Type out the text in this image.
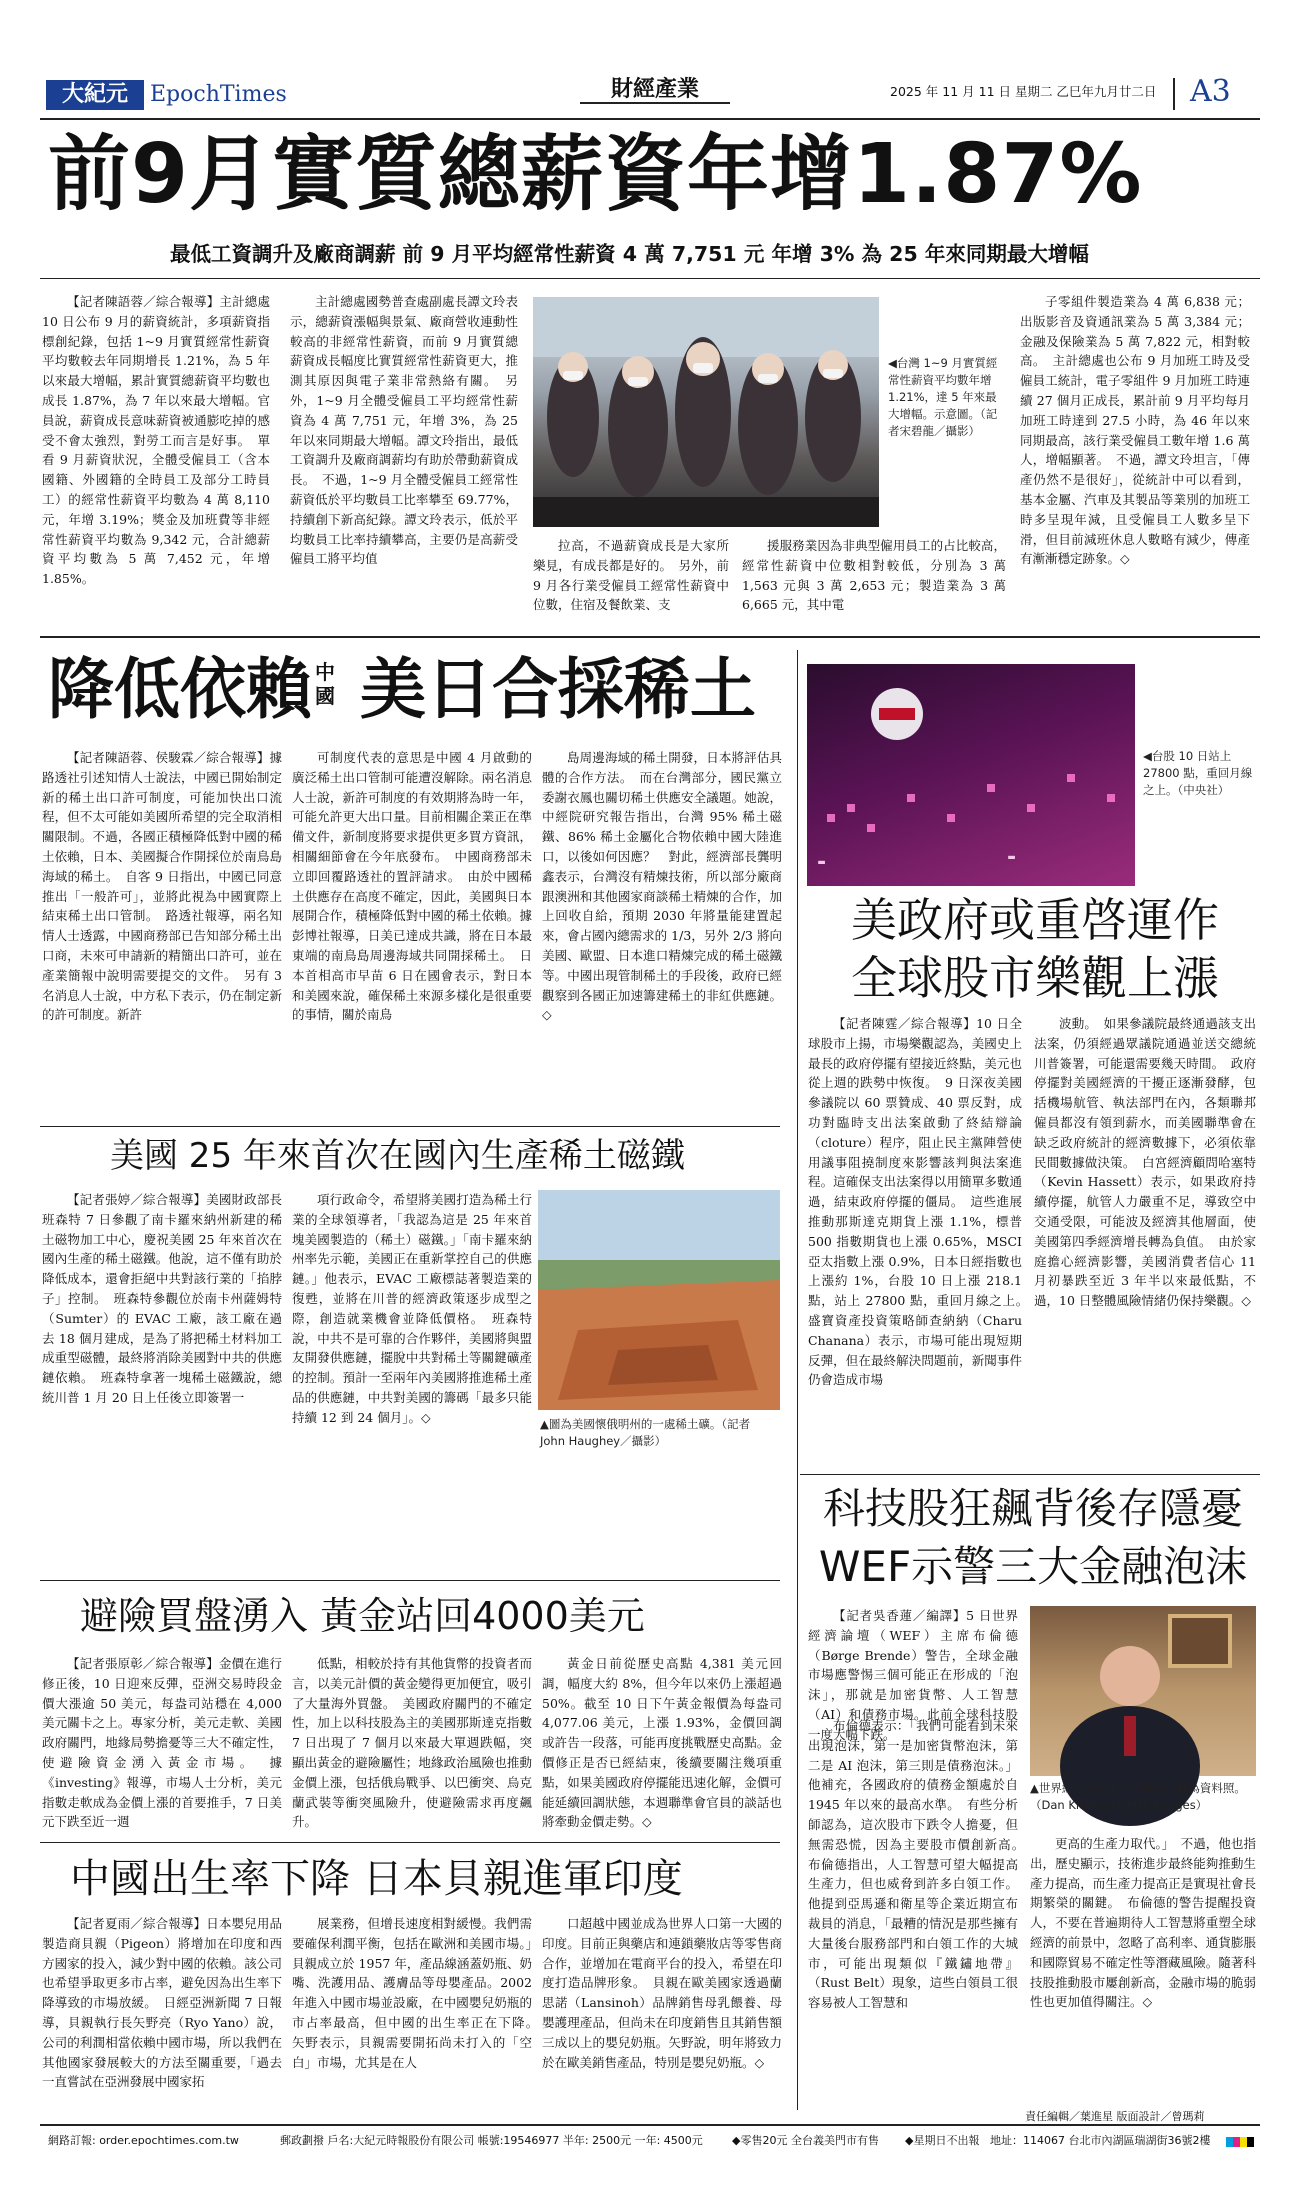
大紀元	EpochTimes	財經產業	2025 年 11 月 11 日 星期二 乙巳年九月廿二日 A3
前9月實質總薪資年增1.87%
最低工資調升及廠商調薪 前 9 月平均經常性薪資 4 萬 7,751 元 年增 3% 為 25 年來同期最大增幅

【記者陳語蓉／綜合報導】主計總處 10 日公布 9 月的薪資統計，多項薪資指標創紀錄，包括 1~9 月實質經常性薪資平均數較去年同期增長 1.21%，為 5 年以來最大增幅，累計實質總薪資平均數也成長 1.87%，為 7 年以來最大增幅。官員說，薪資成長意味薪資被通膨吃掉的感受不會太強烈，對勞工而言是好事。　單看 9 月薪資狀況，全體受僱員工（含本國籍、外國籍的全時員工及部分工時員工）的經常性薪資平均數為 4 萬 8,110 元，年增 3.19%；獎金及加班費等非經常性薪資平均數為 9,342 元，合計總薪資平均數為 5 萬 7,452 元，年增 1.85%。

主計總處國勢普查處副處長譚文玲表示，總薪資漲幅與景氣、廠商營收連動性較高的非經常性薪資，而前 9 月實質總薪資成長幅度比實質經常性薪資更大，推測其原因與電子業非常熱絡有關。　另外，1~9 月全體受僱員工平均經常性薪資為 4 萬 7,751 元，年增 3%，為 25 年以來同期最大增幅。譚文玲指出，最低工資調升及廠商調薪均有助於帶動薪資成長。　不過，1~9 月全體受僱員工經常性薪資低於平均數員工比率攀至 69.77%，持續創下新高紀錄。譚文玲表示，低於平均數員工比率持續攀高，主要仍是高薪受僱員工將平均值

◀台灣 1~9 月實質經常性薪資平均數年增 1.21%，達 5 年來最大增幅。示意圖。（記者宋碧龍／攝影）

拉高，不過薪資成長是大家所樂見，有成長都是好的。　另外，前 9 月各行業受僱員工經常性薪資中位數，住宿及餐飲業、支

援服務業因為非典型僱用員工的占比較高，經常性薪資中位數相對較低，分別為 3 萬 1,563 元與 3 萬 2,653 元；製造業為 3 萬 6,665 元，其中電

子零組件製造業為 4 萬 6,838 元；出版影音及資通訊業為 5 萬 3,384 元；金融及保險業為 5 萬 7,822 元，相對較高。　主計總處也公布 9 月加班工時及受僱員工統計，電子零組件 9 月加班工時連續 27 個月正成長，累計前 9 月平均每月加班工時達到 27.5 小時，為 46 年以來同期最高，該行業受僱員工數年增 1.6 萬人，增幅顯著。　不過，譚文玲坦言，「傳產仍然不是很好」，從統計中可以看到，基本金屬、汽車及其製品等業別的加班工時多呈現年減，且受僱員工人數多呈下滑，但目前減班休息人數略有減少，傳產有漸漸穩定跡象。◇

降低依賴 中國 美日合採稀土

【記者陳語蓉、侯駿霖／綜合報導】據路透社引述知情人士說法，中國已開始制定新的稀土出口許可制度，可能加快出口流程，但不太可能如美國所希望的完全取消相關限制。不過，各國正積極降低對中國的稀土依賴，日本、美國擬合作開採位於南鳥島海域的稀土。　自客 9 日指出，中國已同意推出「一般許可」，並將此視為中國實際上結束稀土出口管制。　路透社報導，兩名知情人士透露，中國商務部已告知部分稀土出口商，未來可申請新的精簡出口許可，並在產業簡報中說明需要提交的文件。　另有 3 名消息人士說，中方私下表示，仍在制定新的許可制度。新許

可制度代表的意思是中國 4 月啟動的廣泛稀土出口管制可能遭沒解除。兩名消息人士說，新許可制度的有效期將為時一年，可能允許更大出口量。目前相關企業正在準備文件，新制度將要求提供更多買方資訊，相關細節會在今年底發布。　中國商務部未立即回覆路透社的置評請求。　由於中國稀土供應存在高度不確定，因此，美國與日本展開合作，積極降低對中國的稀土依賴。據彭博社報導，日美已達成共識，將在日本最東端的南鳥島周邊海域共同開採稀土。　日本首相高市早苗 6 日在國會表示，對日本和美國來說，確保稀土來源多樣化是很重要的事情，關於南鳥

島周邊海域的稀土開發，日本將評估具體的合作方法。　而在台灣部分，國民黨立委謝衣鳳也關切稀土供應安全議題。她說，中經院研究報告指出，台灣 95% 稀土磁鐵、86% 稀土金屬化合物依賴中國大陸進口，以後如何因應？　對此，經濟部長龔明鑫表示，台灣沒有精煉技術，所以部分廠商跟澳洲和其他國家商談稀土精煉的合作，加上回收自給，預期 2030 年將量能建置起來，會占國內總需求的 1/3，另外 2/3 將向美國、歐盟、日本進口精煉完成的稀土磁鐵等。中國出現管制稀土的手段後，政府已經觀察到各國正加速籌建稀土的非紅供應鏈。◇

美國 25 年來首次在國內生產稀土磁鐵

【記者張婷／綜合報導】美國財政部長班森特 7 日參觀了南卡羅來納州新建的稀土磁物加工中心，慶祝美國 25 年來首次在國內生產的稀土磁鐵。他說，這不僅有助於降低成本，還會拒絕中共對該行業的「掐脖子」控制。　班森特參觀位於南卡州薩姆特（Sumter）的 EVAC 工廠，該工廠在過去 18 個月建成，是為了將把稀土材料加工成重型磁體，最終將消除美國對中共的供應鏈依賴。　班森特拿著一塊稀土磁鐵說，總統川普 1 月 20 日上任後立即簽署一

項行政命令，希望將美國打造為稀土行業的全球領導者，「我認為這是 25 年來首塊美國製造的（稀土）磁鐵。」「南卡羅來納州率先示範，美國正在重新掌控自己的供應鏈。」他表示，EVAC 工廠標誌著製造業的復甦，並將在川普的經濟政策逐步成型之際，創造就業機會並降低價格。　班森特說，中共不是可靠的合作夥伴，美國將與盟友開發供應鏈，擺脫中共對稀土等關鍵礦產的控制。預計一至兩年內美國將推進稀土產品的供應鏈，中共對美國的籌碼「最多只能持續 12 到 24 個月」。◇	▲圖為美國懷俄明州的一處稀土礦。（記者 John Haughey／攝影）
避險買盤湧入 黃金站回4000美元

【記者張原彰／綜合報導】金價在進行修正後，10 日迎來反彈，亞洲交易時段金價大漲逾 50 美元，每盎司站穩在 4,000 美元關卡之上。專家分析，美元走軟、美國政府關門，地緣局勢擔憂等三大不確定性，使避險資金湧入黃金市場。　據《investing》報導，市場人士分析，美元指數走軟成為金價上漲的首要推手，7 日美元下跌至近一週

低點，相較於持有其他貨幣的投資者而言，以美元計價的黃金變得更加便宜，吸引了大量海外買盤。　美國政府關門的不確定性，加上以科技股為主的美國那斯達克指數 7 日出現了 7 個月以來最大單週跌幅，突顯出黃金的避險屬性；地緣政治風險也推動金價上漲，包括俄烏戰爭、以巴衝突、烏克蘭武裝等衝突風險升，使避險需求再度飆升。

黃金日前從歷史高點 4,381 美元回調，幅度大約 8%，但今年以來仍上漲超過 50%。截至 10 日下午黃金報價為每盎司 4,077.06 美元，上漲 1.93%，金價回調或許告一段落，可能再度挑戰歷史高點。金價修正是否已經結束，後續要關注幾項重點，如果美國政府停擺能迅速化解，金價可能延續回調狀態，本週聯準會官員的談話也將牽動金價走勢。◇

中國出生率下降 日本貝親進軍印度

【記者夏雨／綜合報導】日本嬰兒用品製造商貝親（Pigeon）將增加在印度和西方國家的投入，減少對中國的依賴。該公司也希望爭取更多市占率，避免因為出生率下降導致的市場放緩。　日經亞洲新聞 7 日報導，貝親執行長矢野亮（Ryo Yano）說，公司的利潤相當依賴中國市場，所以我們在其他國家發展較大的方法至關重要，「過去一直嘗試在亞洲發展中國家拓

展業務，但增長速度相對緩慢。我們需要確保利潤平衡，包括在歐洲和美國市場。」　貝親成立於 1957 年，產品線涵蓋奶瓶、奶嘴、洗護用品、護膚品等母嬰產品。2002 年進入中國市場並設廠，在中國嬰兒奶瓶的市占率最高，但中國的出生率正在下降。　矢野表示，貝親需要開拓尚未打入的「空白」市場，尤其是在人

口超越中國並成為世界人口第一大國的印度。目前正與藥店和連鎖藥妝店等零售商合作，並增加在電商平台的投入，希望在印度打造品牌形象。　貝親在歐美國家透過蘭思諾（Lansinoh）品牌銷售母乳餵養、母嬰護理產品，但尚未在印度銷售且其銷售額三成以上的嬰兒奶瓶。矢野說，明年將致力於在歐美銷售產品，特別是嬰兒奶瓶。◇

-	-
◀台股 10 日站上 27800 點，重回月線之上。（中央社）
美政府或重啓運作
全球股市樂觀上漲

【記者陳霆／綜合報導】10 日全球股市上揚，市場樂觀認為，美國史上最長的政府停擺有望接近終點，美元也從上週的跌勢中恢復。　9 日深夜美國參議院以 60 票贊成、40 票反對，成功對臨時支出法案啟動了終結辯論（cloture）程序，阻止民主黨陣營使用議事阻撓制度來影響該判與法案進程。這確保支出法案得以用簡單多數通過，結束政府停擺的僵局。　這些進展推動那斯達克期貨上漲 1.1%，標普 500 指數期貨也上漲 0.65%，MSCI 亞太指數上漲 0.9%，日本日經指數也上漲約 1%，台股 10 日上漲 218.1 點，站上 27800 點，重回月線之上。　盛寶資產投資策略師查納納（Charu Chanana）表示，市場可能出現短期反彈，但在最終解決問題前，新聞事件仍會造成市場

波動。　如果參議院最終通過該支出法案，仍須經過眾議院通過並送交總統川普簽署，可能還需要幾天時間。　政府停擺對美國經濟的干擾正逐漸發酵，包括機場航管、執法部門在內，各類聯邦僱員都沒有領到薪水，而美國聯準會在缺乏政府統計的經濟數據下，必須依靠民間數據做決策。　白宮經濟顧問哈塞特（Kevin Hassett）表示，如果政府持續停擺，航管人力嚴重不足，導致空中交通受限，可能波及經濟其他層面，使美國第四季經濟增長轉為負值。　由於家庭擔心經濟影響，美國消費者信心 11 月初暴跌至近 3 年半以來最低點，不過，10 日整體風險情緒仍保持樂觀。◇

科技股狂飆背後存隱憂
WEF示警三大金融泡沫

【記者吳香蓮／編譯】5 日世界經濟論壇（WEF）主席布倫德（Børge Brende）警告，全球金融市場應警惕三個可能正在形成的「泡沫」，那就是加密貨幣、人工智慧（AI）和債務市場。此前全球科技股一度大幅下跌。

▲世界經濟論壇主席布倫德。圖為資料照。（Dan Kitwood/Getty Images）

布倫德表示：「我們可能看到未來出現泡沫，第一是加密貨幣泡沫，第二是 AI 泡沫，第三則是債務泡沫。」他補充，各國政府的債務金額處於自 1945 年以來的最高水準。　有些分析師認為，這次股市下跌令人擔憂，但無需恐慌，因為主要股市價創新高。　布倫德指出，人工智慧可望大幅提高生產力，但也威脅到許多白領工作。他提到亞馬遜和衛星等企業近期宣布裁員的消息，「最糟的情況是那些擁有大量後台服務部門和白領工作的大城市，可能出現類似『鐵鏽地帶』（Rust Belt）現象，這些白領員工很容易被人工智慧和

更高的生產力取代。」　不過，他也指出，歷史顯示，技術進步最終能夠推動生產力提高，而生產力提高正是實現社會長期繁榮的關鍵。　布倫德的警告提醒投資人，不要在普遍期待人工智慧將重塑全球經濟的前景中，忽略了高利率、通貨膨脹和國際貿易不確定性等潛藏風險。隨著科技股推動股市屢創新高，金融市場的脆弱性也更加值得關注。◇

責任編輯／葉進星 版面設計／曾瑪莉
網路訂報: order.epochtimes.com.tw	郵政劃撥 戶名:大紀元時報股份有限公司 帳號:19546977 半年: 2500元 一年: 4500元	◆零售20元 全台義美門市有售 ◆星期日不出報 地址：114067 台北市內湖區瑞湖街36號2樓
